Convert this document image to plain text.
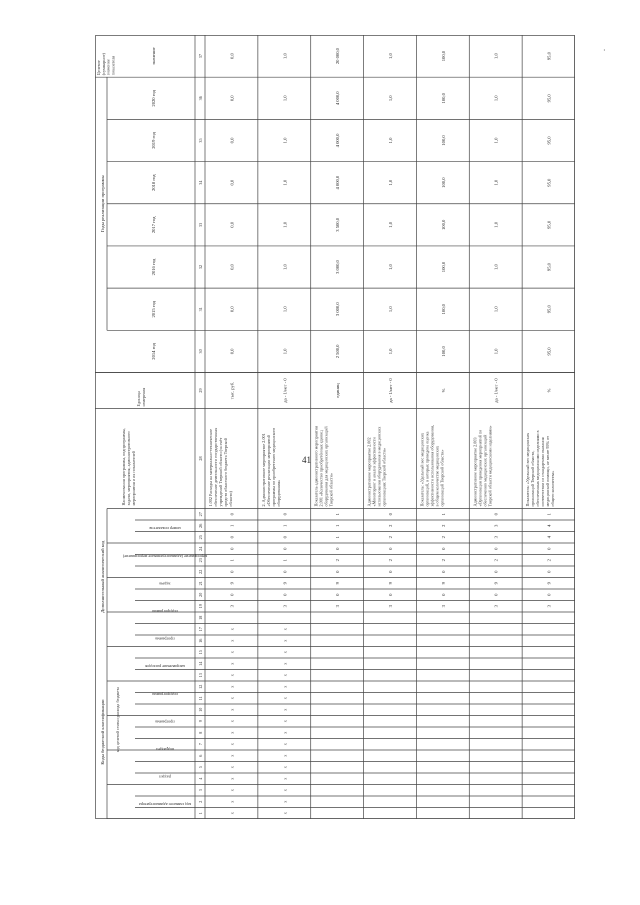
41
·
Коды бюджетной классификации
Дополнительный аналитический код
код целевой статьи расхода бюджета
Годы реализации программы
Целевое(суммарное)значениепоказателя
код главного администратора
раздел
подраздел
программа
подпрограмма
направление расходов
программа
подпрограмма
задача
мероприятие (административное мероприятие)
номер показателя
Наименования программы, подпрограммы,задачи, мероприятия, административногомероприятия и их показателей
Единицаизмерения
2014 год
2015 год
2016 год
2017 год
2018 год
2019 год
2020 год
значение
1
2
3
4
5
6
7
8
9
10
11
12
13
14
15
16
17
18
19
20
21
22
23
24
25
26
27
28
29
30
31
32
33
34
35
36
37
3
0
9
0
1
0
0
1
0
x
x
x
x
x
x
x
x
x
x
x
x
x
x
x
x
x
1.002 Расходы на материально-техническоеобеспечение деятельности государственныхучреждений Тверской области (за счётсредств областного бюджета Тверскойобласти)
тыс. руб.
0,0
0,0
0,0
0,0
0,0
0,0
0,0
0,0
3
0
9
0
1
0
0
1
0
x
x
x
x
x
x
x
x
x
x
x
x
x
x
x
x
x
2. Административное мероприятие 2.001«Обеспечение реализации мероприятийпрограммы по приобретению медицинскогооборудования»
да - 1/нет - 0
1,0
1,0
1,0
1,0
1,0
1,0
1,0
1,0
3
0
9
0
2
0
1
1
1
Показатель административного мероприятия2.001 «Количество приобретённых единицоборудования для медицинских организацийТверской области»
единиц
2 500,0
3 000,0
3 000,0
3 500,0
4 000,0
4 000,0
4 000,0
20 000,0
3
0
9
0
2
0
2
2
0
Административное мероприятие 2.002«Мониторинг и анализ эффективностииспользования оборудования в медицинскихорганизациях Тверской области»
да - 1/нет - 0
1,0
1,0
1,0
1,0
1,0
1,0
1,0
1,0
3
0
9
0
2
0
2
2
1
Показатель: «Удельный вес медицинскихорганизаций, в которых проведена оценкаэффективности использования оборудования,в общем количестве медицинскихорганизаций Тверской области»
%
100,0
100,0
100,0
100,0
100,0
100,0
100,0
100,0
3
0
9
0
2
0
3
3
0
Административное мероприятие 2.003«Организация проведения мероприятий пообеспечению медицинских организацийТверской области медицинскими изделиями»
да - 1/нет - 0
1,0
1,0
1,0
1,0
1,0
1,0
1,0
1,0
3
0
9
0
2
0
4
4
1
Показатель: «Удельный вес медицинскихорганизаций Тверской области,обеспеченных медицинскими изделиями всоответствии со стандартами оказаниямедицинской помощи, не менее 95% отобщего количества»
%
95,0
95,0
95,0
95,0
95,0
95,0
95,0
95,0
